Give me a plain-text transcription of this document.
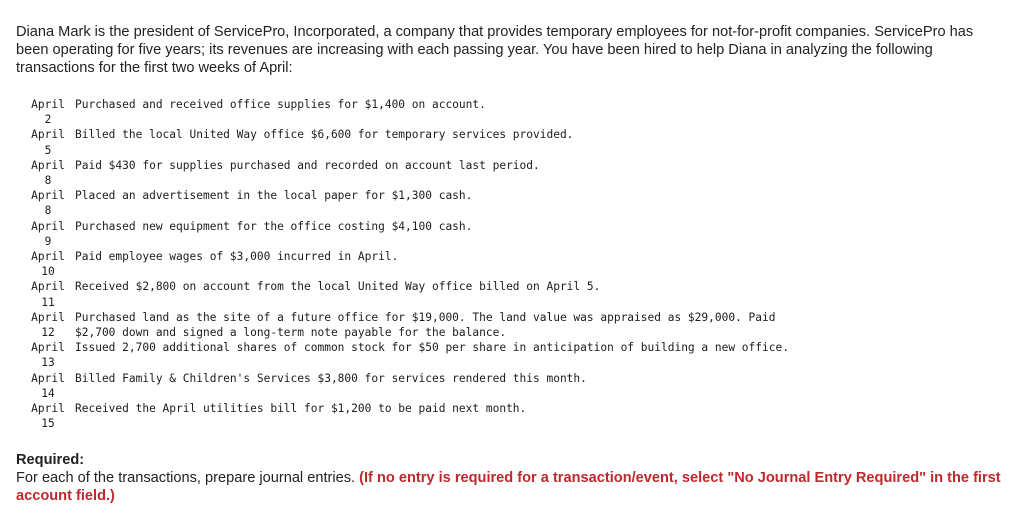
Diana Mark is the president of ServicePro, Incorporated, a company that provides temporary employees for not-for-profit companies. ServicePro has been operating for five years; its revenues are increasing with each passing year. You have been hired to help Diana in analyzing the following transactions for the first two weeks of April:
April
2	Purchased and received office supplies for $1,400 on account.
April
5	Billed the local United Way office $6,600 for temporary services provided.
April
8	Paid $430 for supplies purchased and recorded on account last period.
April
8	Placed an advertisement in the local paper for $1,300 cash.
April
9	Purchased new equipment for the office costing $4,100 cash.
April
10	Paid employee wages of $3,000 incurred in April.
April
11	Received $2,800 on account from the local United Way office billed on April 5.
April
12	Purchased land as the site of a future office for $19,000. The land value was appraised as $29,000. Paid
$2,700 down and signed a long-term note payable for the balance.
April
13	Issued 2,700 additional shares of common stock for $50 per share in anticipation of building a new office.
April
14	Billed Family & Children's Services $3,800 for services rendered this month.
April
15	Received the April utilities bill for $1,200 to be paid next month.
Required:
For each of the transactions, prepare journal entries. (If no entry is required for a transaction/event, select "No Journal Entry Required" in the first account field.)
